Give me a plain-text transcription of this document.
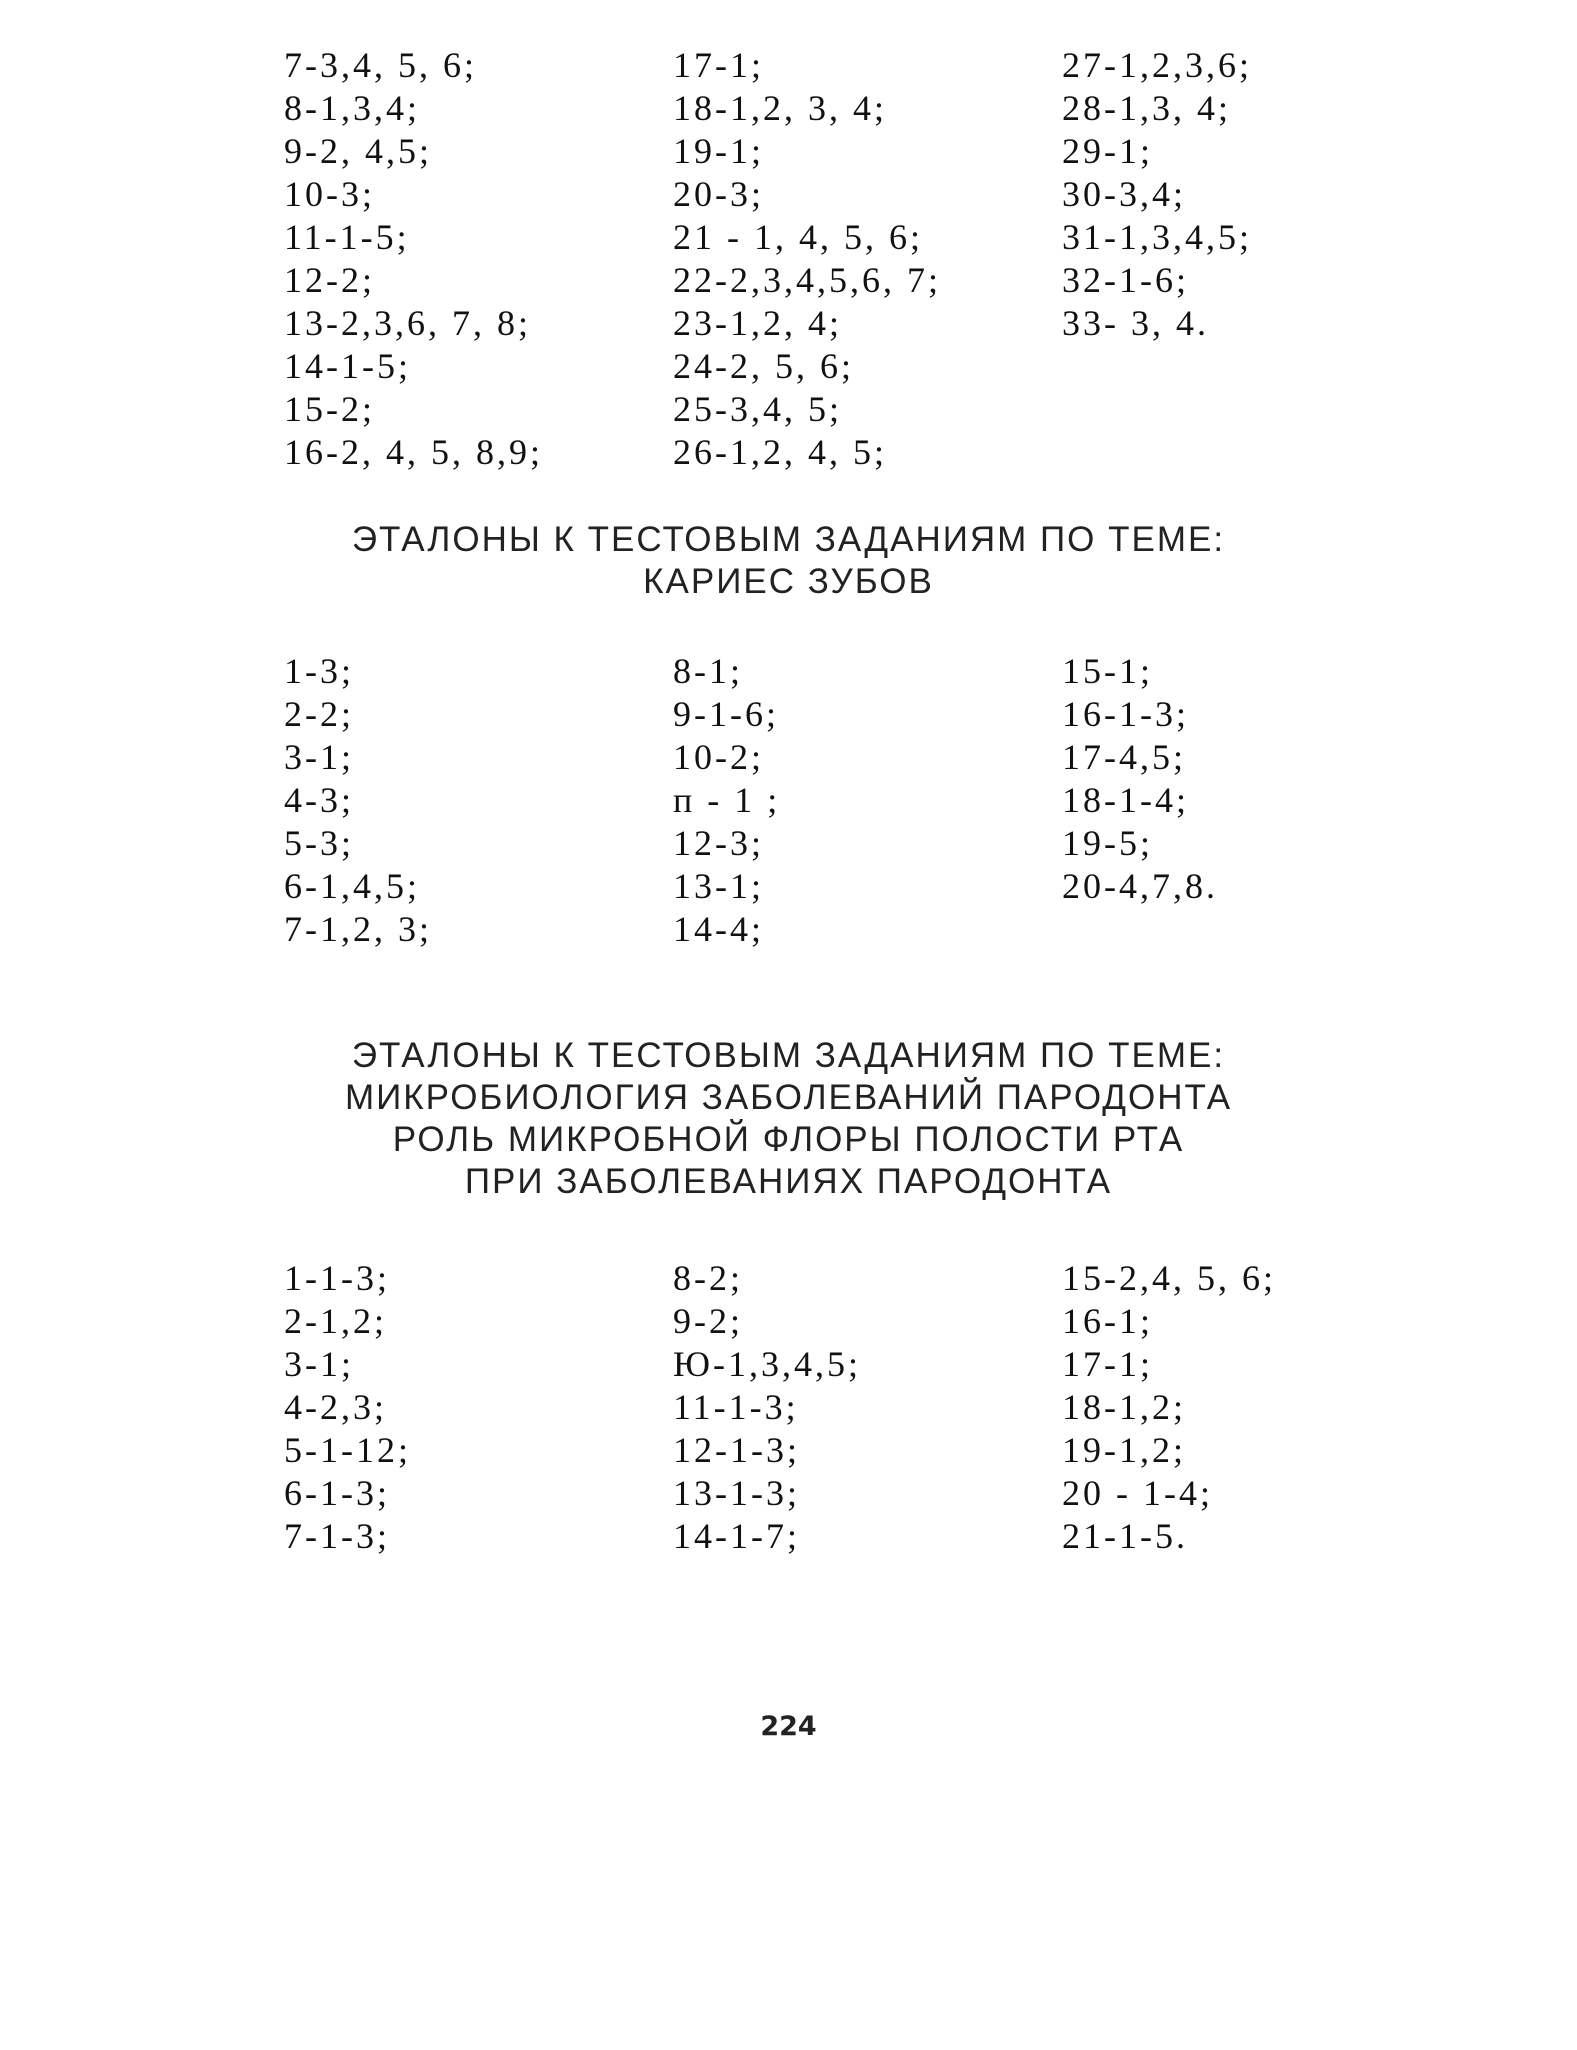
7-3,4, 5, 6;
8-1,3,4;
9-2, 4,5;
10-3;
11-1-5;
12-2;
13-2,3,6, 7, 8;
14-1-5;
15-2;
16-2, 4, 5, 8,9;
17-1;
18-1,2, 3, 4;
19-1;
20-3;
21 - 1, 4, 5, 6;
22-2,3,4,5,6, 7;
23-1,2, 4;
24-2, 5, 6;
25-3,4, 5;
26-1,2, 4, 5;
27-1,2,3,6;
28-1,3, 4;
29-1;
30-3,4;
31-1,3,4,5;
32-1-6;
33- 3, 4.
ЭТАЛОНЫ К ТЕСТОВЫМ ЗАДАНИЯМ ПО ТЕМЕ:
КАРИЕС ЗУБОВ
1-3;
2-2;
3-1;
4-3;
5-3;
6-1,4,5;
7-1,2, 3;
8-1;
9-1-6;
10-2;
п - 1 ;
12-3;
13-1;
14-4;
15-1;
16-1-3;
17-4,5;
18-1-4;
19-5;
20-4,7,8.
ЭТАЛОНЫ К ТЕСТОВЫМ ЗАДАНИЯМ ПО ТЕМЕ:
МИКРОБИОЛОГИЯ ЗАБОЛЕВАНИЙ ПАРОДОНТА
РОЛЬ МИКРОБНОЙ ФЛОРЫ ПОЛОСТИ РТА
ПРИ ЗАБОЛЕВАНИЯХ ПАРОДОНТА
1-1-3;
2-1,2;
3-1;
4-2,3;
5-1-12;
6-1-3;
7-1-3;
8-2;
9-2;
Ю-1,3,4,5;
11-1-3;
12-1-3;
13-1-3;
14-1-7;
15-2,4, 5, 6;
16-1;
17-1;
18-1,2;
19-1,2;
20 - 1-4;
21-1-5.
224
